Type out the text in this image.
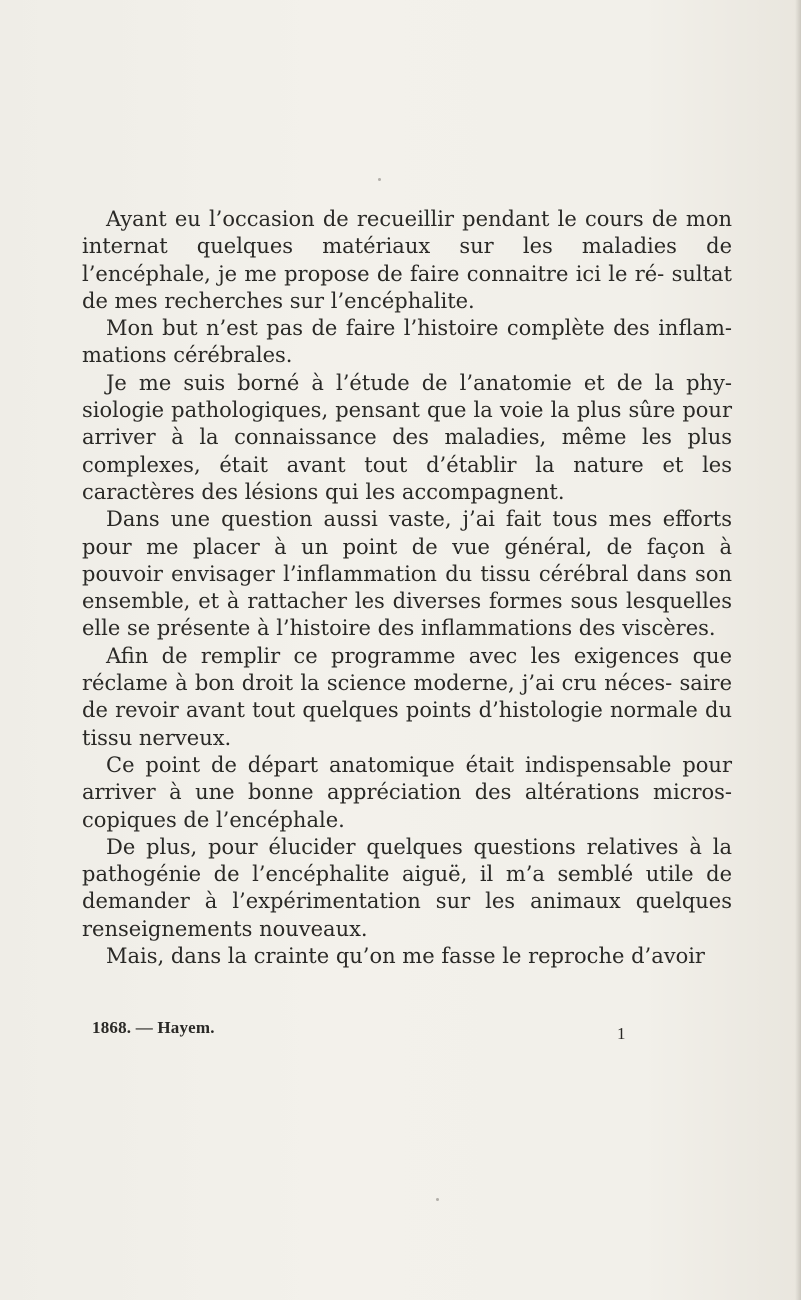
Ayant eu l’occasion de recueillir pendant le cours de mon internat quelques matériaux sur les maladies de l’encéphale, je me propose de faire connaitre ici le ré- sultat de mes recherches sur l’encéphalite.

Mon but n’est pas de faire l’histoire complète des inflam- mations cérébrales.

Je me suis borné à l’étude de l’anatomie et de la phy- siologie pathologiques, pensant que la voie la plus sûre pour arriver à la connaissance des maladies, même les plus complexes, était avant tout d’établir la nature et les caractères des lésions qui les accompagnent.

Dans une question aussi vaste, j’ai fait tous mes efforts pour me placer à un point de vue général, de façon à pouvoir envisager l’inflammation du tissu cérébral dans son ensemble, et à rattacher les diverses formes sous lesquelles elle se présente à l’histoire des inflammations des viscères.

Afin de remplir ce programme avec les exigences que réclame à bon droit la science moderne, j’ai cru néces- saire de revoir avant tout quelques points d’histologie normale du tissu nerveux.

Ce point de départ anatomique était indispensable pour arriver à une bonne appréciation des altérations micros- copiques de l’encéphale.

De plus, pour élucider quelques questions relatives à la pathogénie de l’encéphalite aiguë, il m’a semblé utile de demander à l’expérimentation sur les animaux quelques renseignements nouveaux.

Mais, dans la crainte qu’on me fasse le reproche d’avoir

1868. — Hayem.	1
